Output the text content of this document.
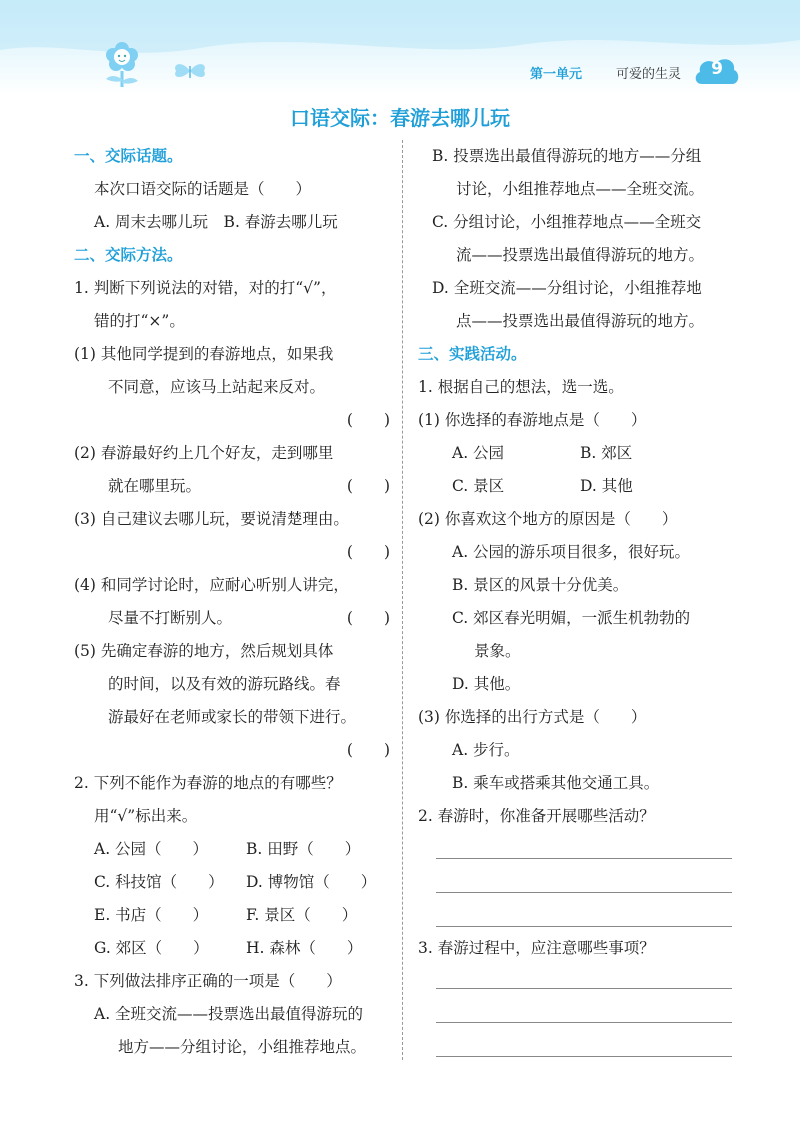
第一单元	可爱的生灵	9
口语交际：春游去哪儿玩
一、交际话题。
本次口语交际的话题是（　　）
A. 周末去哪儿玩　B. 春游去哪儿玩
二、交际方法。
1. 判断下列说法的对错，对的打“√”，
错的打“×”。
(1) 其他同学提到的春游地点，如果我
不同意，应该马上站起来反对。
(　　)
(2) 春游最好约上几个好友，走到哪里
就在哪里玩。	(　　)
(3) 自己建议去哪儿玩，要说清楚理由。
(　　)
(4) 和同学讨论时，应耐心听别人讲完，
尽量不打断别人。	(　　)
(5) 先确定春游的地方，然后规划具体
的时间，以及有效的游玩路线。春
游最好在老师或家长的带领下进行。
(　　)
2. 下列不能作为春游的地点的有哪些？
用“√”标出来。
A. 公园（　　） B. 田野（　　）
C. 科技馆（　　） D. 博物馆（　　）
E. 书店（　　） F. 景区（　　）
G. 郊区（　　） H. 森林（　　）
3. 下列做法排序正确的一项是（　　）
A. 全班交流——投票选出最值得游玩的
地方——分组讨论，小组推荐地点。
B. 投票选出最值得游玩的地方——分组
讨论，小组推荐地点——全班交流。
C. 分组讨论，小组推荐地点——全班交
流——投票选出最值得游玩的地方。
D. 全班交流——分组讨论，小组推荐地
点——投票选出最值得游玩的地方。
三、实践活动。
1. 根据自己的想法，选一选。
(1) 你选择的春游地点是（　　）
A. 公园	B. 郊区
C. 景区	D. 其他
(2) 你喜欢这个地方的原因是（　　）
A. 公园的游乐项目很多，很好玩。
B. 景区的风景十分优美。
C. 郊区春光明媚，一派生机勃勃的
景象。
D. 其他。
(3) 你选择的出行方式是（　　）
A. 步行。
B. 乘车或搭乘其他交通工具。
2. 春游时，你准备开展哪些活动？
3. 春游过程中，应注意哪些事项？
